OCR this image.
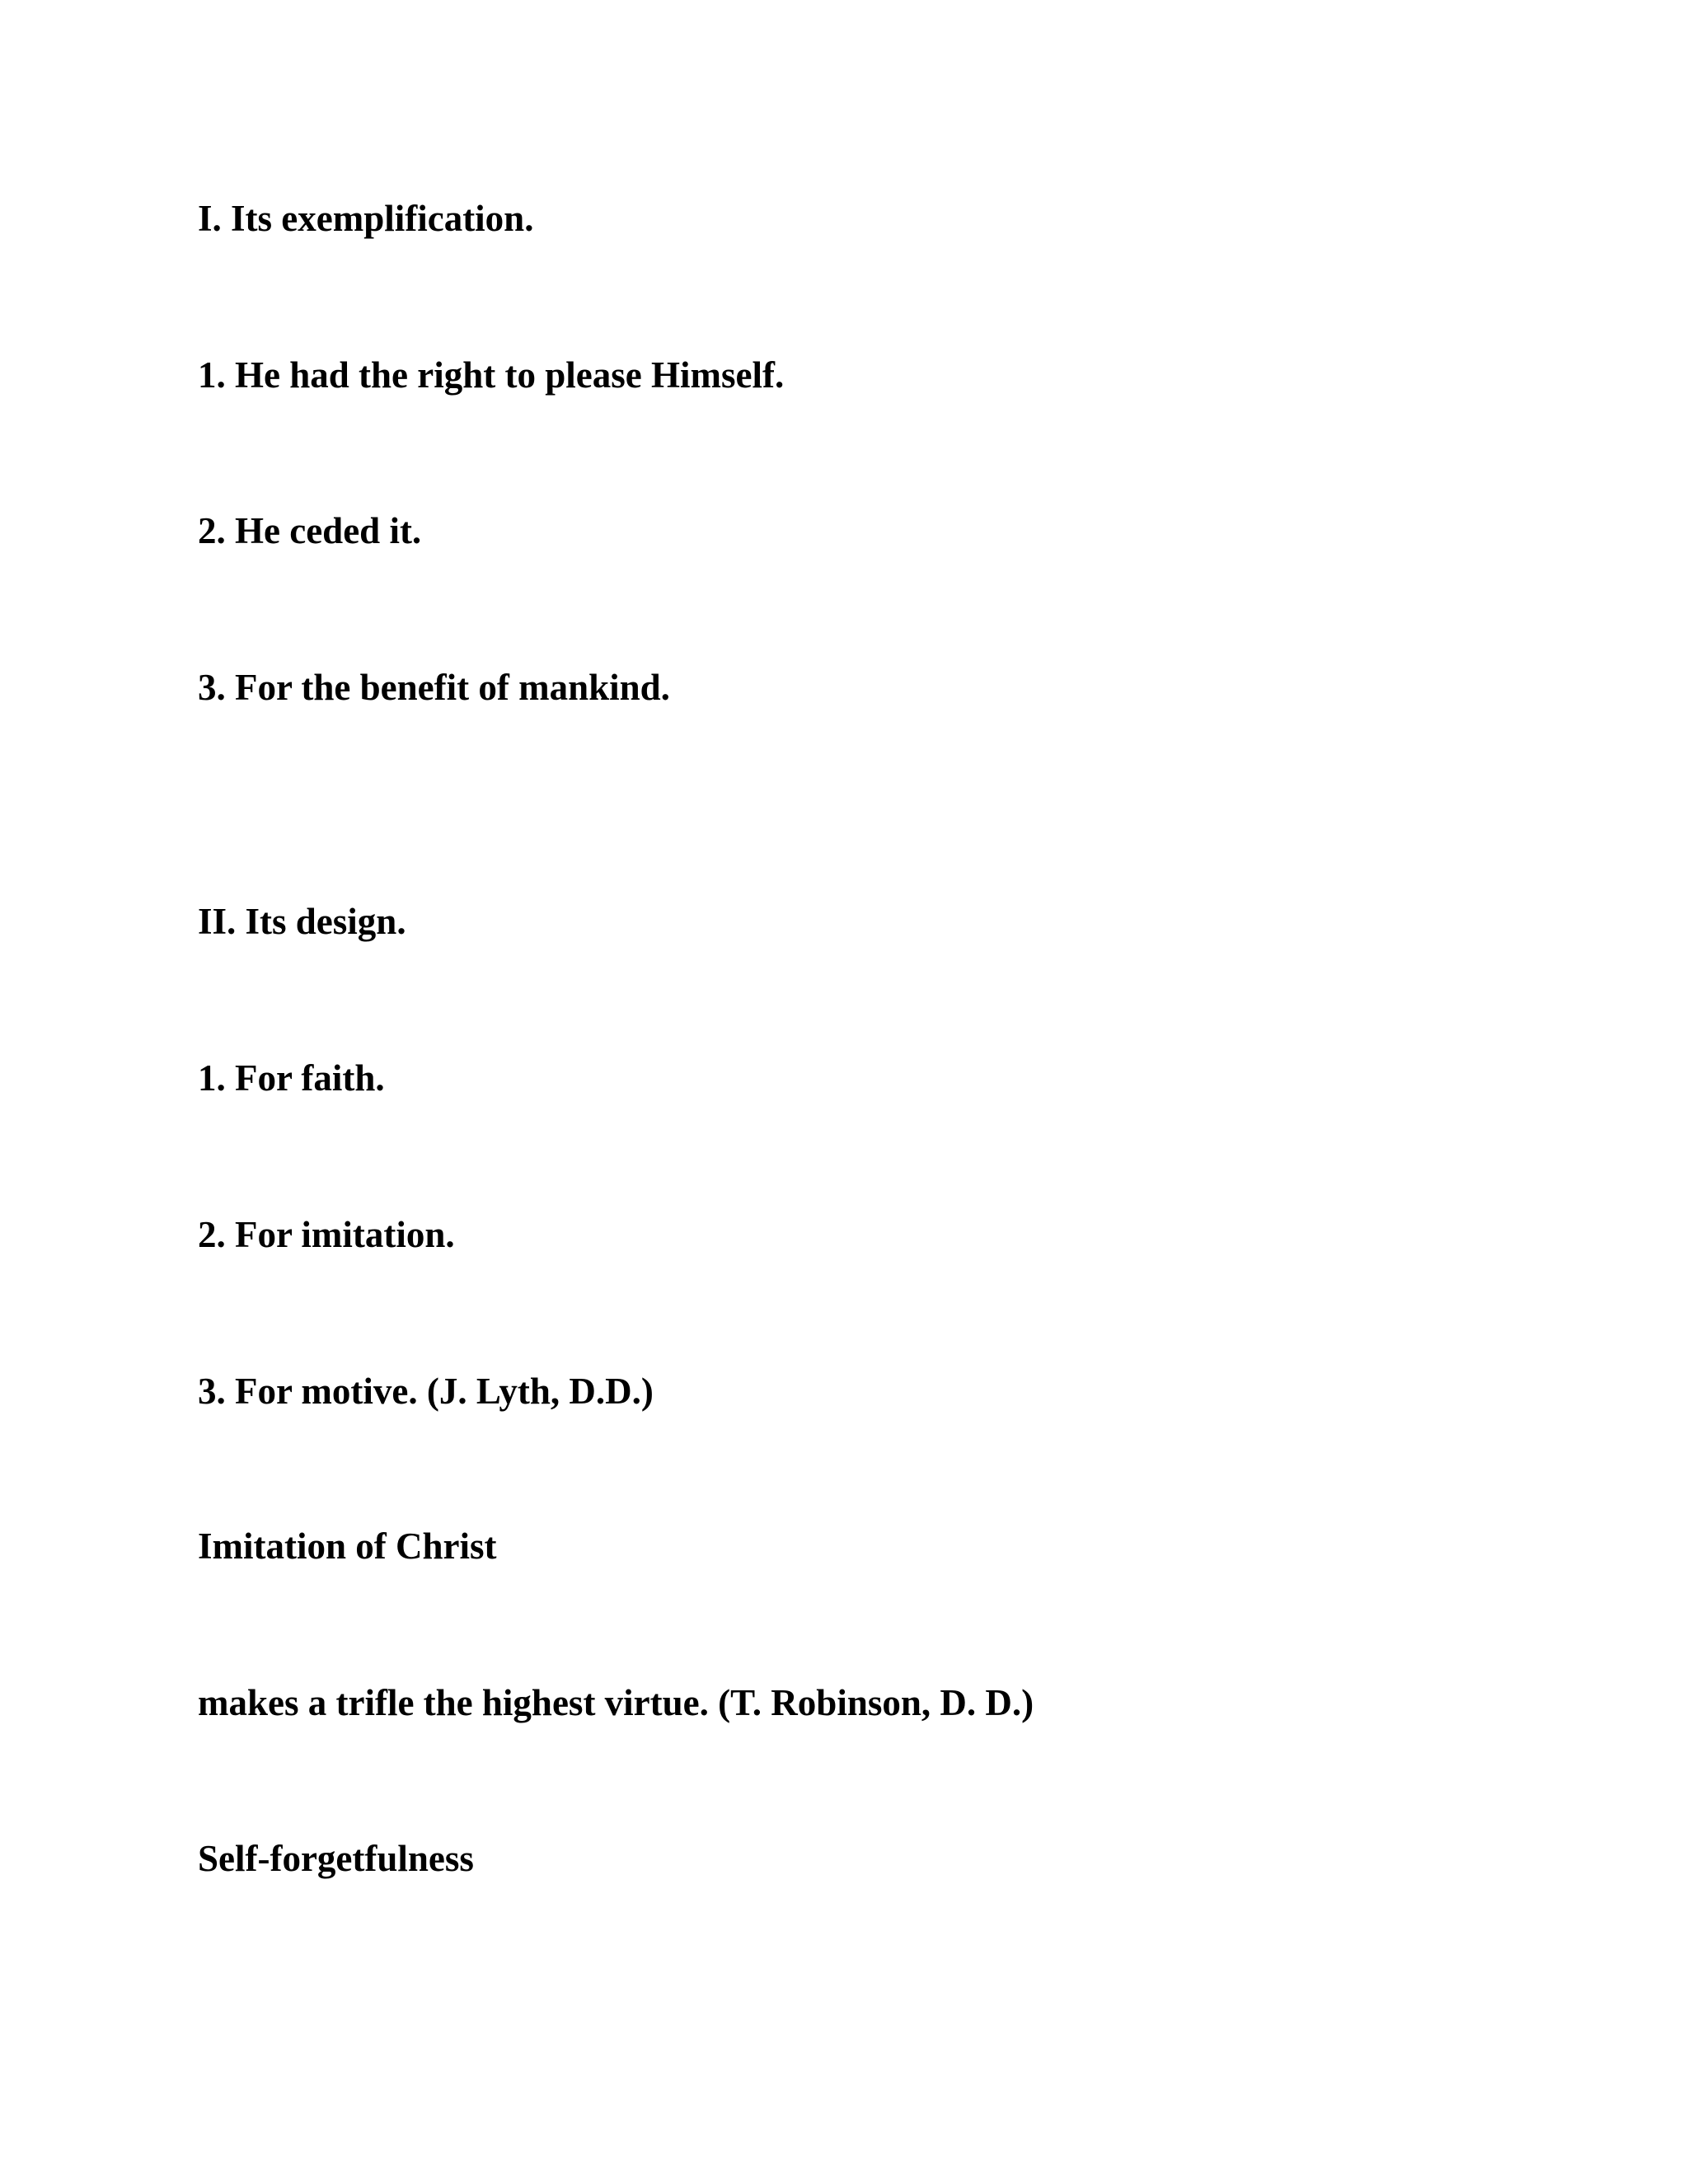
I. Its exemplification.

1. He had the right to please Himself.

2. He ceded it.

3. For the benefit of mankind.

II. Its design.

1. For faith.

2. For imitation.

3. For motive. (J. Lyth, D.D.)

Imitation of Christ

makes a trifle the highest virtue. (T. Robinson, D. D.)

Self-forgetfulness
